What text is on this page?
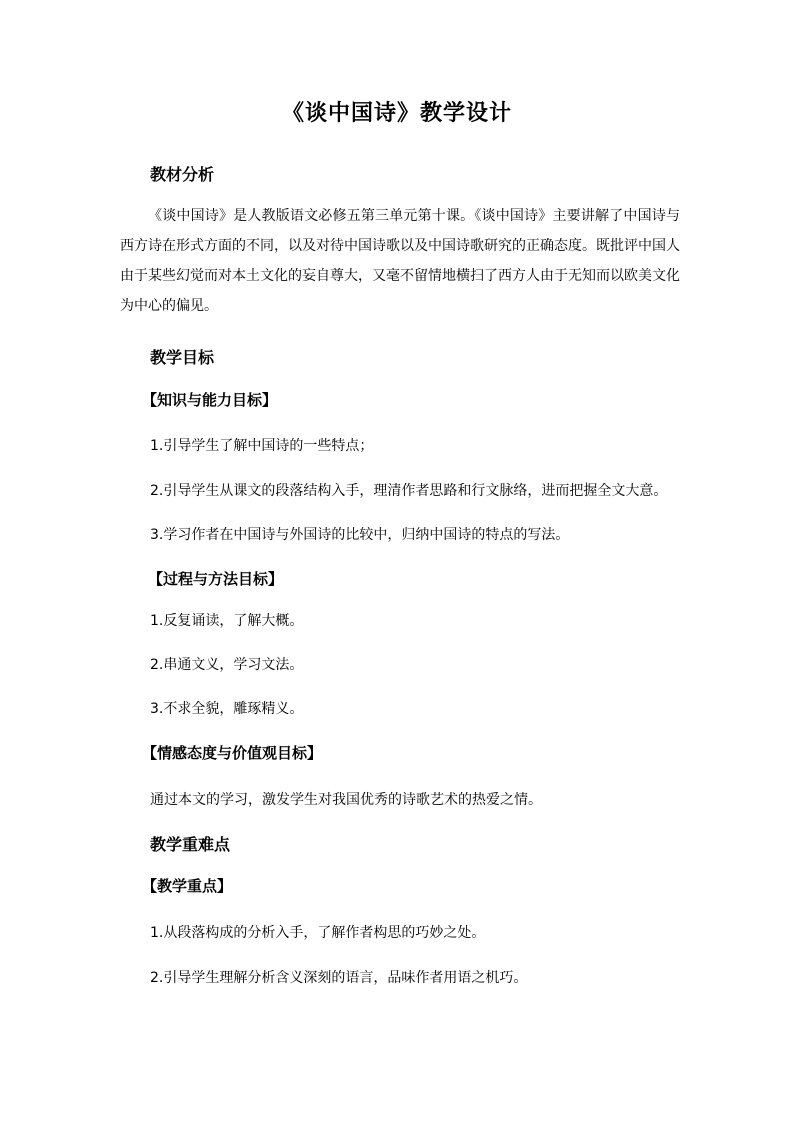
《谈中国诗》教学设计
教材分析
《谈中国诗》是人教版语文必修五第三单元第十课。《谈中国诗》主要讲解了中国诗与西方诗在形式方面的不同，以及对待中国诗歌以及中国诗歌研究的正确态度。既批评中国人由于某些幻觉而对本土文化的妄自尊大，又毫不留情地横扫了西方人由于无知而以欧美文化为中心的偏见。
教学目标
【知识与能力目标】
1.引导学生了解中国诗的一些特点；
2.引导学生从课文的段落结构入手，理清作者思路和行文脉络，进而把握全文大意。
3.学习作者在中国诗与外国诗的比较中，归纳中国诗的特点的写法。
【过程与方法目标】
1.反复诵读，了解大概。
2.串通文义，学习文法。
3.不求全貌，雕琢精义。
【情感态度与价值观目标】
通过本文的学习，激发学生对我国优秀的诗歌艺术的热爱之情。
教学重难点
【教学重点】
1.从段落构成的分析入手，了解作者构思的巧妙之处。
2.引导学生理解分析含义深刻的语言，品味作者用语之机巧。
